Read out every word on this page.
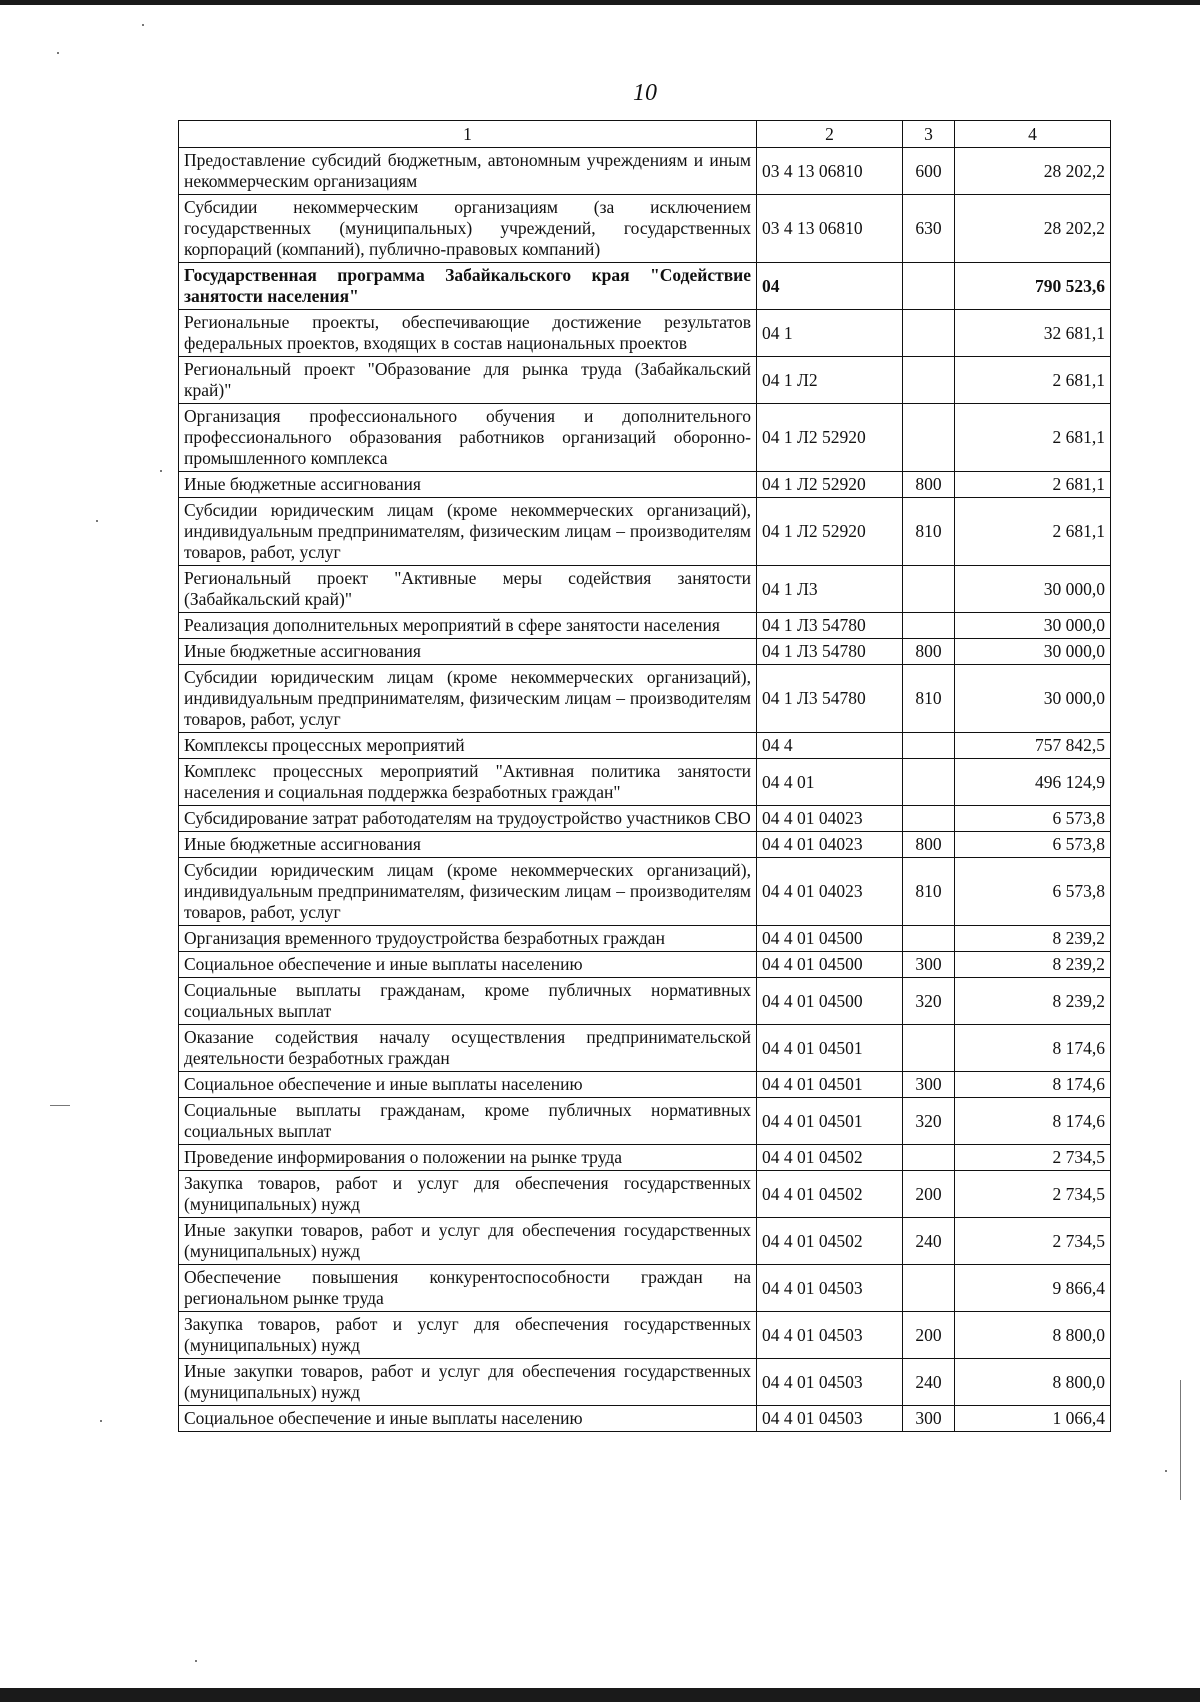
10
1	2	3	4
Предоставление субсидий бюджетным, автономным учреждениям и иным некоммерческим организациям	03 4 13 06810	600	28 202,2
Субсидии некоммерческим организациям (за исключением государственных (муниципальных) учреждений, государственных корпораций (компаний), публично-правовых компаний)	03 4 13 06810	630	28 202,2
Государственная программа Забайкальского края "Содействие занятости населения"	04		790 523,6
Региональные проекты, обеспечивающие достижение результатов федеральных проектов, входящих в состав национальных проектов	04 1		32 681,1
Региональный проект "Образование для рынка труда (Забайкальский край)"	04 1 Л2		2 681,1
Организация профессионального обучения и дополнительного профессионального образования работников организаций оборонно-промышленного комплекса	04 1 Л2 52920		2 681,1
Иные бюджетные ассигнования	04 1 Л2 52920	800	2 681,1
Субсидии юридическим лицам (кроме некоммерческих организаций), индивидуальным предпринимателям, физическим лицам – производителям товаров, работ, услуг	04 1 Л2 52920	810	2 681,1
Региональный проект "Активные меры содействия занятости (Забайкальский край)"	04 1 Л3		30 000,0
Реализация дополнительных мероприятий в сфере занятости населения	04 1 Л3 54780		30 000,0
Иные бюджетные ассигнования	04 1 Л3 54780	800	30 000,0
Субсидии юридическим лицам (кроме некоммерческих организаций), индивидуальным предпринимателям, физическим лицам – производителям товаров, работ, услуг	04 1 Л3 54780	810	30 000,0
Комплексы процессных мероприятий	04 4		757 842,5
Комплекс процессных мероприятий "Активная политика занятости населения и социальная поддержка безработных граждан"	04 4 01		496 124,9
Субсидирование затрат работодателям на трудоустройство участников СВО	04 4 01 04023		6 573,8
Иные бюджетные ассигнования	04 4 01 04023	800	6 573,8
Субсидии юридическим лицам (кроме некоммерческих организаций), индивидуальным предпринимателям, физическим лицам – производителям товаров, работ, услуг	04 4 01 04023	810	6 573,8
Организация временного трудоустройства безработных граждан	04 4 01 04500		8 239,2
Социальное обеспечение и иные выплаты населению	04 4 01 04500	300	8 239,2
Социальные выплаты гражданам, кроме публичных нормативных социальных выплат	04 4 01 04500	320	8 239,2
Оказание содействия началу осуществления предпринимательской деятельности безработных граждан	04 4 01 04501		8 174,6
Социальное обеспечение и иные выплаты населению	04 4 01 04501	300	8 174,6
Социальные выплаты гражданам, кроме публичных нормативных социальных выплат	04 4 01 04501	320	8 174,6
Проведение информирования о положении на рынке труда	04 4 01 04502		2 734,5
Закупка товаров, работ и услуг для обеспечения государственных (муниципальных) нужд	04 4 01 04502	200	2 734,5
Иные закупки товаров, работ и услуг для обеспечения государственных (муниципальных) нужд	04 4 01 04502	240	2 734,5
Обеспечение повышения конкурентоспособности граждан на региональном рынке труда	04 4 01 04503		9 866,4
Закупка товаров, работ и услуг для обеспечения государственных (муниципальных) нужд	04 4 01 04503	200	8 800,0
Иные закупки товаров, работ и услуг для обеспечения государственных (муниципальных) нужд	04 4 01 04503	240	8 800,0
Социальное обеспечение и иные выплаты населению	04 4 01 04503	300	1 066,4
